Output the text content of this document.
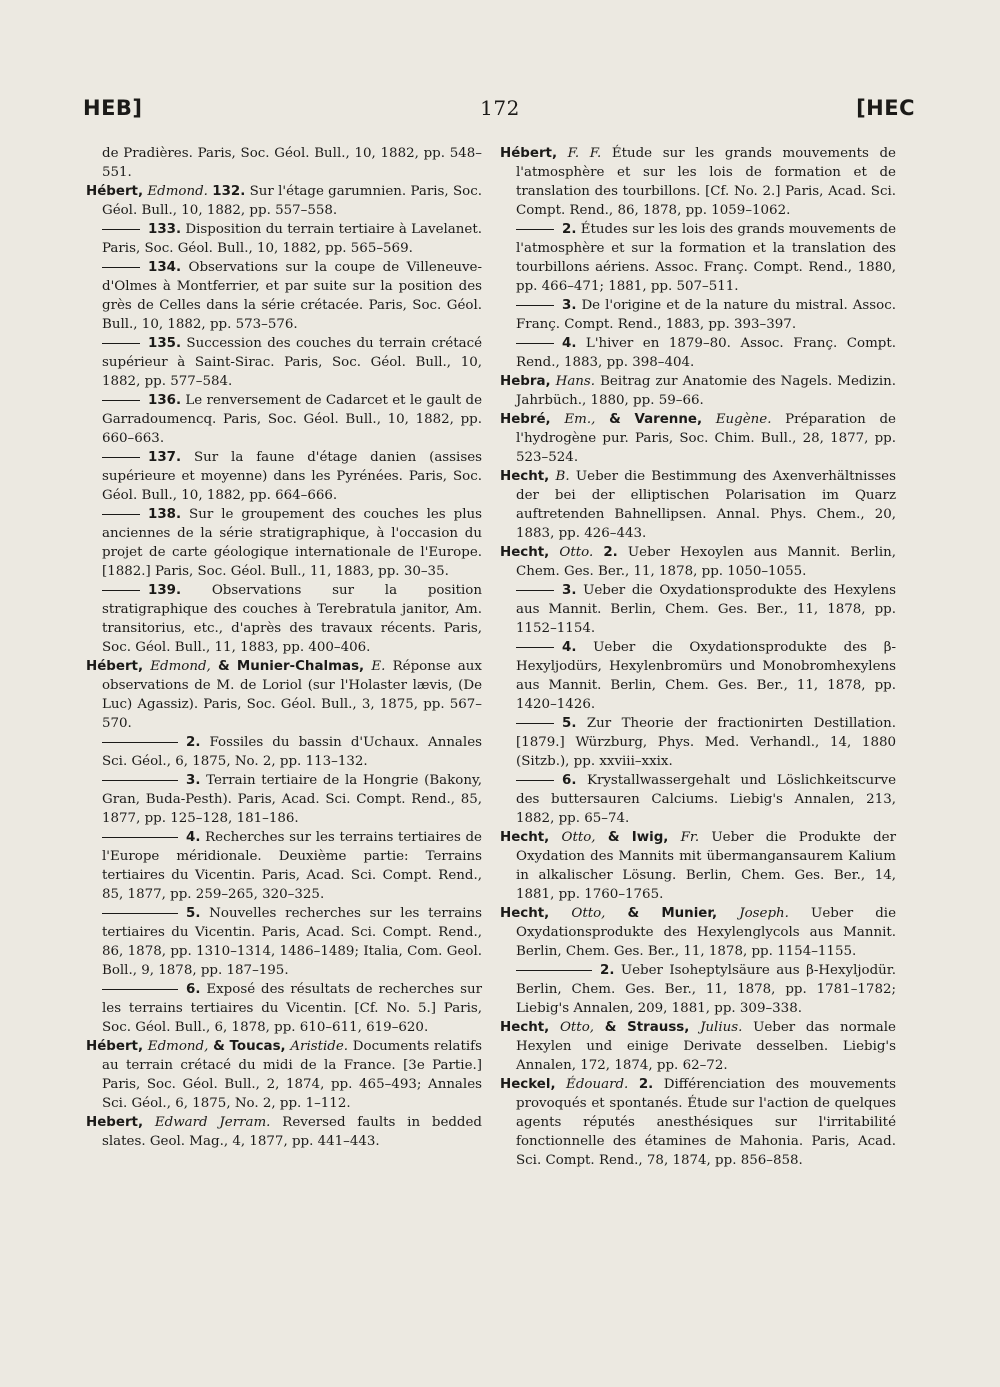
HEB]	172	[HEC

de Pradières. Paris, Soc. Géol. Bull., 10, 1882, pp. 548–551.

Hébert, Edmond. 132. Sur l'étage garumnien. Paris, Soc. Géol. Bull., 10, 1882, pp. 557–558.

133. Disposition du terrain tertiaire à Lavelanet. Paris, Soc. Géol. Bull., 10, 1882, pp. 565–569.

134. Observations sur la coupe de Villeneuve-d'Olmes à Montferrier, et par suite sur la position des grès de Celles dans la série crétacée. Paris, Soc. Géol. Bull., 10, 1882, pp. 573–576.

135. Succession des couches du terrain crétacé supérieur à Saint-Sirac. Paris, Soc. Géol. Bull., 10, 1882, pp. 577–584.

136. Le renversement de Cadarcet et le gault de Garradoumencq. Paris, Soc. Géol. Bull., 10, 1882, pp. 660–663.

137. Sur la faune d'étage danien (assises supérieure et moyenne) dans les Pyrénées. Paris, Soc. Géol. Bull., 10, 1882, pp. 664–666.

138. Sur le groupement des couches les plus anciennes de la série stratigraphique, à l'occasion du projet de carte géologique internationale de l'Europe. [1882.] Paris, Soc. Géol. Bull., 11, 1883, pp. 30–35.

139. Observations sur la position stratigraphique des couches à Terebratula janitor, Am. transitorius, etc., d'après des travaux récents. Paris, Soc. Géol. Bull., 11, 1883, pp. 400–406.

Hébert, Edmond, & Munier-Chalmas, E. Réponse aux observations de M. de Loriol (sur l'Holaster lævis, (De Luc) Agassiz). Paris, Soc. Géol. Bull., 3, 1875, pp. 567–570.

2. Fossiles du bassin d'Uchaux. Annales Sci. Géol., 6, 1875, No. 2, pp. 113–132.

3. Terrain tertiaire de la Hongrie (Bakony, Gran, Buda-Pesth). Paris, Acad. Sci. Compt. Rend., 85, 1877, pp. 125–128, 181–186.

4. Recherches sur les terrains tertiaires de l'Europe méridionale. Deuxième partie: Terrains tertiaires du Vicentin. Paris, Acad. Sci. Compt. Rend., 85, 1877, pp. 259–265, 320–325.

5. Nouvelles recherches sur les terrains tertiaires du Vicentin. Paris, Acad. Sci. Compt. Rend., 86, 1878, pp. 1310–1314, 1486–1489; Italia, Com. Geol. Boll., 9, 1878, pp. 187–195.

6. Exposé des résultats de recherches sur les terrains tertiaires du Vicentin. [Cf. No. 5.] Paris, Soc. Géol. Bull., 6, 1878, pp. 610–611, 619–620.

Hébert, Edmond, & Toucas, Aristide. Documents relatifs au terrain crétacé du midi de la France. [3e Partie.] Paris, Soc. Géol. Bull., 2, 1874, pp. 465–493; Annales Sci. Géol., 6, 1875, No. 2, pp. 1–112.

Hebert, Edward Jerram. Reversed faults in bedded slates. Geol. Mag., 4, 1877, pp. 441–443.

Hébert, F. F. Étude sur les grands mouvements de l'atmosphère et sur les lois de formation et de translation des tourbillons. [Cf. No. 2.] Paris, Acad. Sci. Compt. Rend., 86, 1878, pp. 1059–1062.

2. Études sur les lois des grands mouvements de l'atmosphère et sur la formation et la translation des tourbillons aériens. Assoc. Franç. Compt. Rend., 1880, pp. 466–471; 1881, pp. 507–511.

3. De l'origine et de la nature du mistral. Assoc. Franç. Compt. Rend., 1883, pp. 393–397.

4. L'hiver en 1879–80. Assoc. Franç. Compt. Rend., 1883, pp. 398–404.

Hebra, Hans. Beitrag zur Anatomie des Nagels. Medizin. Jahrbüch., 1880, pp. 59–66.

Hebré, Em., & Varenne, Eugène. Préparation de l'hydrogène pur. Paris, Soc. Chim. Bull., 28, 1877, pp. 523–524.

Hecht, B. Ueber die Bestimmung des Axenverhältnisses der bei der elliptischen Polarisation im Quarz auftretenden Bahnellipsen. Annal. Phys. Chem., 20, 1883, pp. 426–443.

Hecht, Otto. 2. Ueber Hexoylen aus Mannit. Berlin, Chem. Ges. Ber., 11, 1878, pp. 1050–1055.

3. Ueber die Oxydationsprodukte des Hexylens aus Mannit. Berlin, Chem. Ges. Ber., 11, 1878, pp. 1152–1154.

4. Ueber die Oxydationsprodukte des β-Hexyljodürs, Hexylenbromürs und Monobromhexylens aus Mannit. Berlin, Chem. Ges. Ber., 11, 1878, pp. 1420–1426.

5. Zur Theorie der fractionirten Destillation. [1879.] Würzburg, Phys. Med. Verhandl., 14, 1880 (Sitzb.), pp. xxviii–xxix.

6. Krystallwassergehalt und Löslichkeitscurve des buttersauren Calciums. Liebig's Annalen, 213, 1882, pp. 65–74.

Hecht, Otto, & Iwig, Fr. Ueber die Produkte der Oxydation des Mannits mit übermangansaurem Kalium in alkalischer Lösung. Berlin, Chem. Ges. Ber., 14, 1881, pp. 1760–1765.

Hecht, Otto, & Munier, Joseph. Ueber die Oxydationsprodukte des Hexylenglycols aus Mannit. Berlin, Chem. Ges. Ber., 11, 1878, pp. 1154–1155.

2. Ueber Isoheptylsäure aus β-Hexyljodür. Berlin, Chem. Ges. Ber., 11, 1878, pp. 1781–1782; Liebig's Annalen, 209, 1881, pp. 309–338.

Hecht, Otto, & Strauss, Julius. Ueber das normale Hexylen und einige Derivate desselben. Liebig's Annalen, 172, 1874, pp. 62–72.

Heckel, Édouard. 2. Différenciation des mouvements provoqués et spontanés. Étude sur l'action de quelques agents réputés anesthésiques sur l'irritabilité fonctionnelle des étamines de Mahonia. Paris, Acad. Sci. Compt. Rend., 78, 1874, pp. 856–858.
